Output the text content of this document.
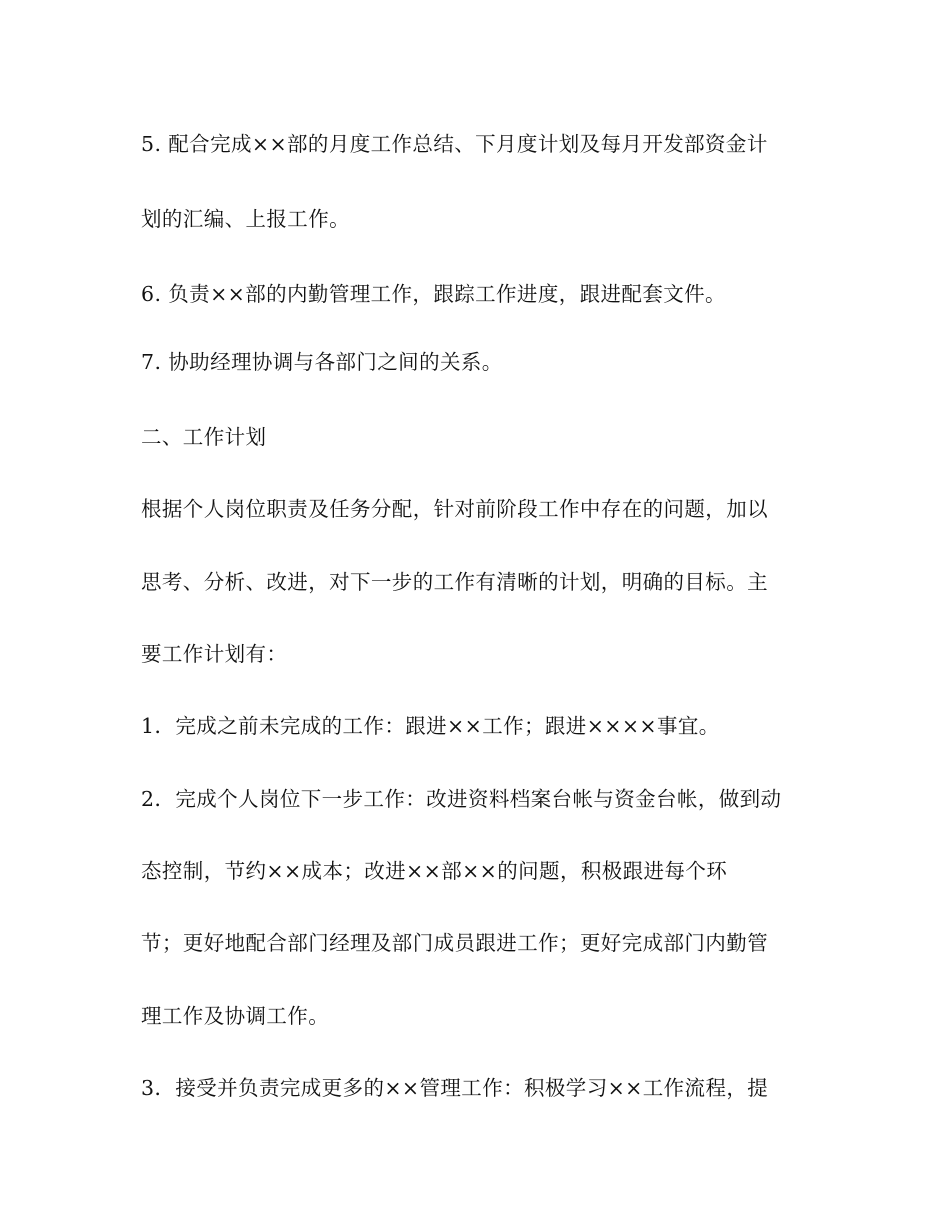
5. 配合完成××部的月度工作总结、下月度计划及每月开发部资金计
划的汇编、上报工作。
6. 负责××部的内勤管理工作，跟踪工作进度，跟进配套文件。
7. 协助经理协调与各部门之间的关系。
二、工作计划
根据个人岗位职责及任务分配，针对前阶段工作中存在的问题，加以
思考、分析、改进，对下一步的工作有清晰的计划，明确的目标。主
要工作计划有：
1．完成之前未完成的工作：跟进××工作；跟进××××事宜。
2．完成个人岗位下一步工作：改进资料档案台帐与资金台帐，做到动
态控制，节约××成本；改进××部××的问题，积极跟进每个环
节；更好地配合部门经理及部门成员跟进工作；更好完成部门内勤管
理工作及协调工作。
3．接受并负责完成更多的××管理工作：积极学习××工作流程，提
